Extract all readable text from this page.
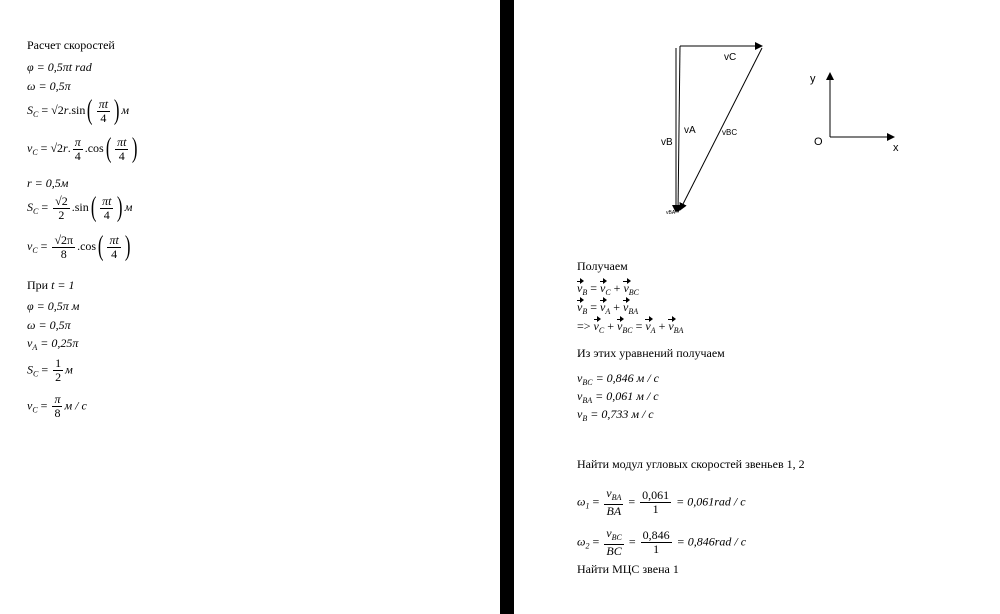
Расчет скоростей
φ = 0,5πt rad
ω = 0,5π
$S_C = √2r.\sin$ ( $\frac{\pi t}{4}$ ) м
$v_C = √2r$. $\frac{\pi}{4} .\cos$ ( $\frac{\pi t}{4}$ )
r = 0,5м
$S_C = \frac{√2}{2} .\sin$ ( $\frac{\pi t}{4}$ ) м
$v_C = \frac{√2\pi}{8} .\cos$ ( $\frac{\pi t}{4}$ )
При t = 1
φ = 0,5π м
ω = 0,5π
$v_A = 0,25\pi$
$S_C = \frac{1}{2}$ м
$v_C = \frac{\pi}{8}$ м / с
vC
vA
vB
vBC
vBA
y
x
O
Получаем
$v_B = v_C + v_{BC}$
$v_B = v_A + v_{BA}$
=> $v_C + v_{BC} = v_A + v_{BA}$
Из этих уравнений получаем
$v_{BC} = 0,846$ м / с
$v_{BA} = 0,061$ м / с
$v_B = 0,733$ м / с
Найти модул угловых скоростей звеньев 1, 2
$\omega_1 = \frac{v_{BA}}{BA} = \frac{0,061}{1} = 0,061rad / c$
$\omega_2 = \frac{v_{BC}}{BC} = \frac{0,846}{1} = 0,846rad / c$
Найти МЦС звена 1
